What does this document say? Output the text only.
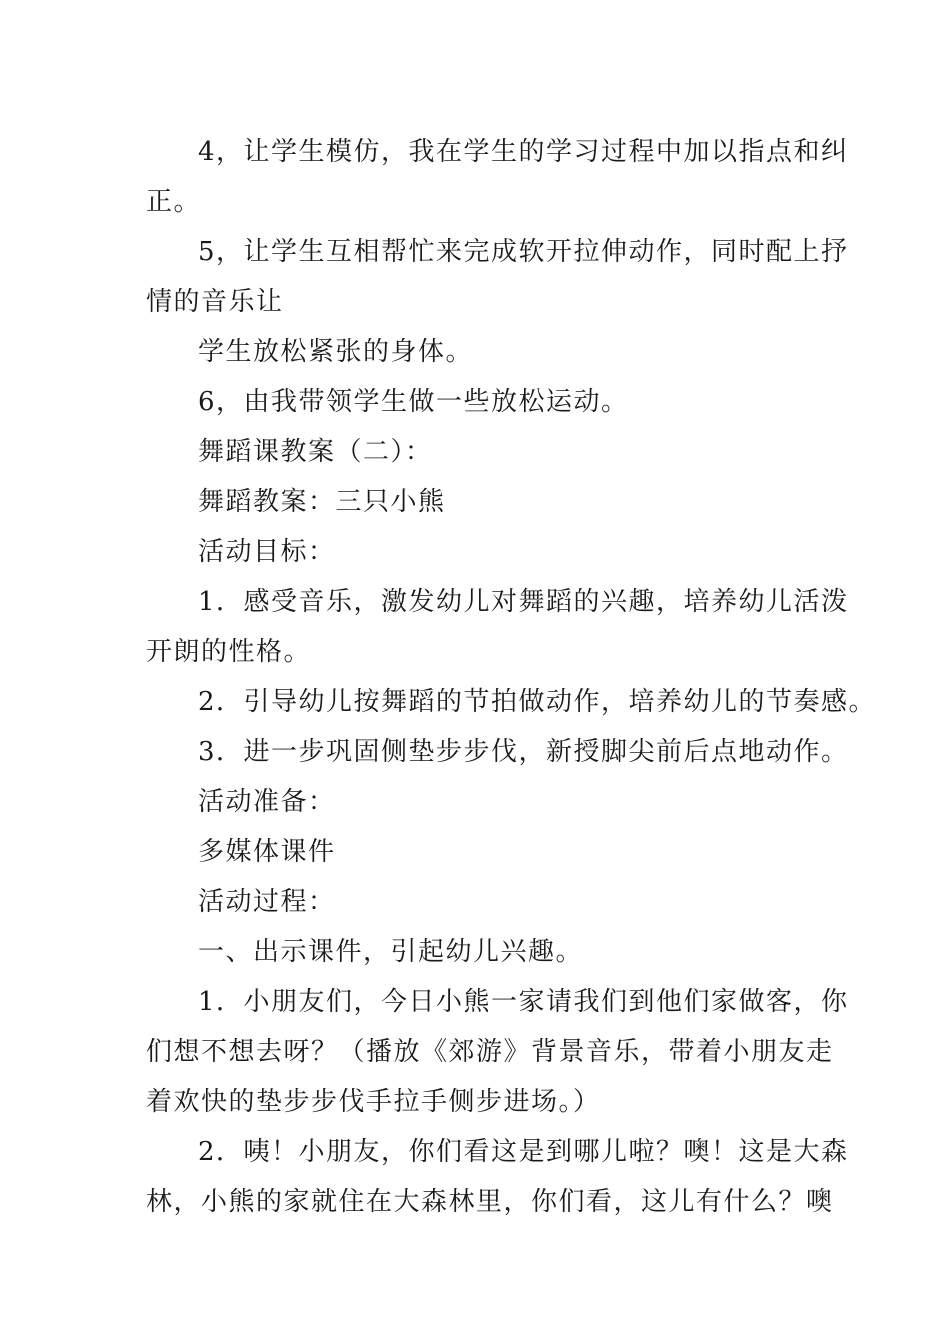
4，让学生模仿，我在学生的学习过程中加以指点和纠
正。
5，让学生互相帮忙来完成软开拉伸动作，同时配上抒
情的音乐让
学生放松紧张的身体。
6，由我带领学生做一些放松运动。
舞蹈课教案（二）：
舞蹈教案：三只小熊
活动目标：
1．感受音乐，激发幼儿对舞蹈的兴趣，培养幼儿活泼
开朗的性格。
2．引导幼儿按舞蹈的节拍做动作，培养幼儿的节奏感。
3．进一步巩固侧垫步步伐，新授脚尖前后点地动作。
活动准备：
多媒体课件
活动过程：
一、出示课件，引起幼儿兴趣。
1．小朋友们，今日小熊一家请我们到他们家做客，你
们想不想去呀？（播放《郊游》背景音乐，带着小朋友走
着欢快的垫步步伐手拉手侧步进场。）
2．咦！小朋友，你们看这是到哪儿啦？噢！这是大森
林，小熊的家就住在大森林里，你们看，这儿有什么？噢
